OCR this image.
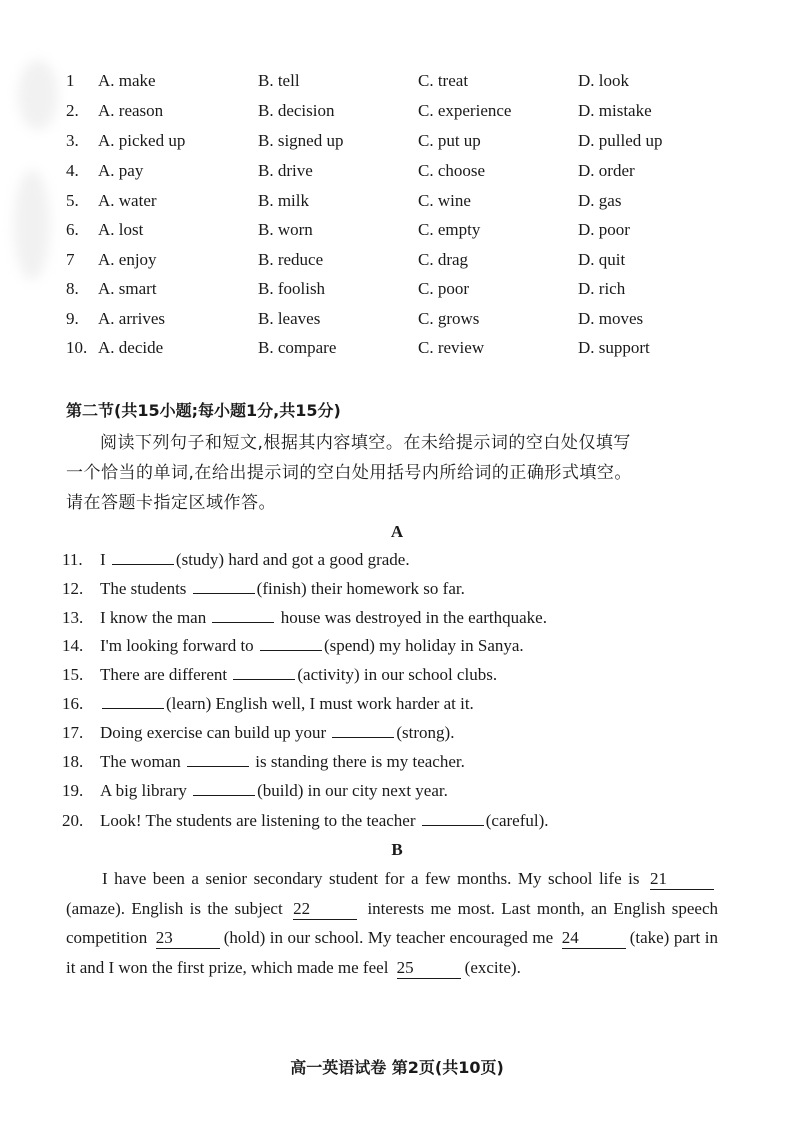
1	A. make	B. tell	C. treat	D. look
2.	A. reason	B. decision	C. experience	D. mistake
3.	A. picked up	B. signed up	C. put up	D. pulled up
4.	A. pay	B. drive	C. choose	D. order
5.	A. water	B. milk	C. wine	D. gas
6.	A. lost	B. worn	C. empty	D. poor
7	A. enjoy	B. reduce	C. drag	D. quit
8.	A. smart	B. foolish	C. poor	D. rich
9.	A. arrives	B. leaves	C. grows	D. moves
10. A. decide	B. compare	C. review	D. support
第二节(共15小题;每小题1分,共15分)
阅读下列句子和短文,根据其内容填空。在未给提示词的空白处仅填写
一个恰当的单词,在给出提示词的空白处用括号内所给词的正确形式填空。
请在答题卡指定区域作答。
A
11. I	(study) hard and got a good grade.
12. The students	(finish) their homework so far.
13. I know the man	house was destroyed in the earthquake.
14. I'm looking forward to	(spend) my holiday in Sanya.
15. There are different	(activity) in our school clubs.
16.	(learn) English well, I must work harder at it.
17. Doing exercise can build up your	(strong).
18. The woman	is standing there is my teacher.
19. A big library	(build) in our city next year.
20. Look! The students are listening to the teacher	(careful).
B
I have been a senior secondary student for a few months. My school life is 21(amaze). English is the subject 22	interests me most. Last month, an English speech competition 23	(hold) in our school. My teacher encouraged me 24	(take) part in it and I won the first prize, which made me feel 25	(excite).
高一英语试卷 第2页(共10页)
